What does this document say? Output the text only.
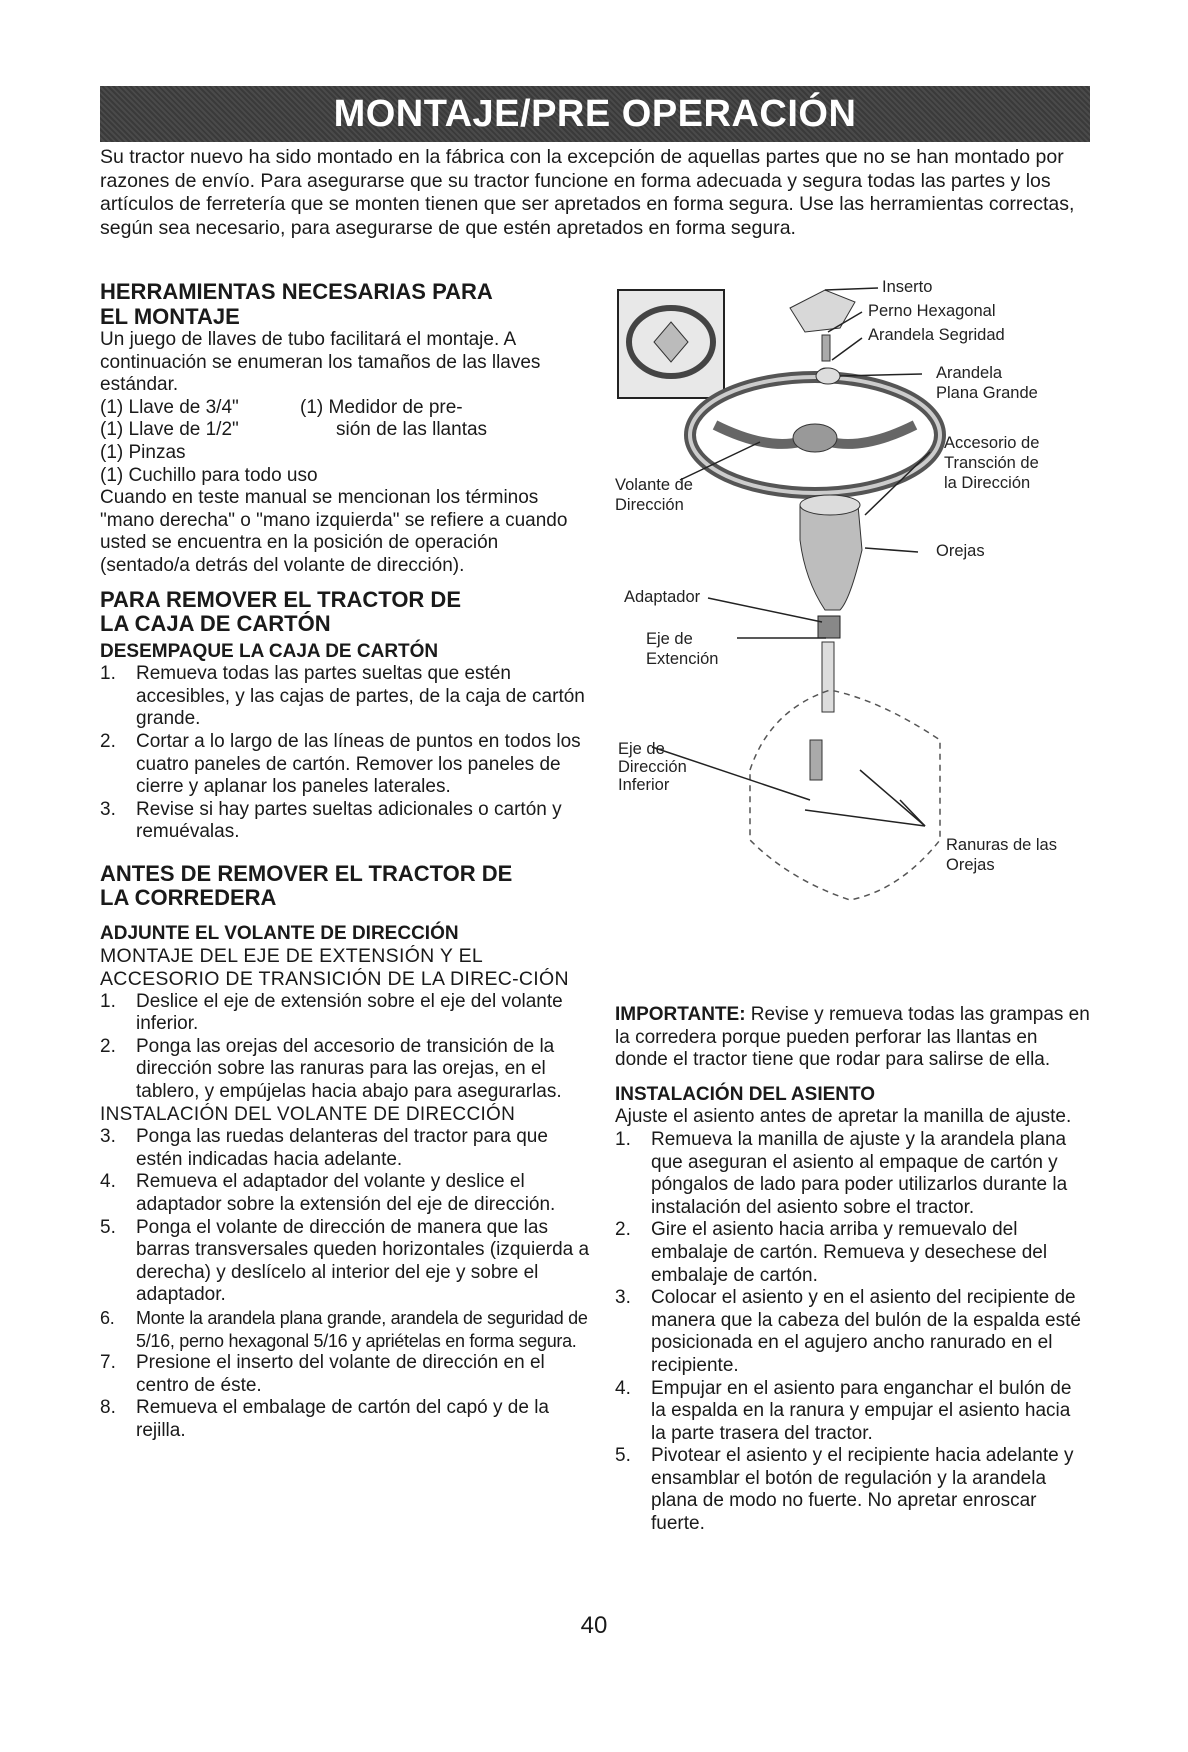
MONTAJE/PRE OPERACIÓN

Su tractor nuevo ha sido montado en la fábrica con la excepción de aquellas partes que no se han montado por razones de envío. Para asegurarse que su tractor funcione en forma adecuada y segura todas las partes y los artículos de ferretería que se monten tienen que ser apretados en forma segura. Use las herramientas correctas, según sea necesario, para asegurarse de que estén apretados en forma segura.

HERRAMIENTAS NECESARIAS PARA

EL MONTAJE

Un juego de llaves de tubo facilitará el montaje. A continuación se enumeran los tamaños de las llaves estándar.

(1) Llave de 3/4"	(1) Medidor de pre-
(1) Llave de 1/2"	sión de las llantas

(1) Pinzas

(1) Cuchillo para todo uso

Cuando en teste manual se mencionan los términos "mano derecha" o "mano izquierda" se refiere a cuando usted se encuentra en la posición de operación (sentado/a detrás del volante de dirección).

PARA REMOVER EL TRACTOR DE

LA CAJA DE CARTÓN

DESEMPAQUE LA CAJA DE CARTÓN

1. Remueva todas las partes sueltas que estén accesibles, y las cajas de partes, de la caja de cartón grande.
2. Cortar a lo largo de las líneas de puntos en todos los cuatro paneles de cartón. Remover los paneles de cierre y aplanar los paneles laterales.
3. Revise si hay partes sueltas adicionales o cartón y remuévalas.

ANTES DE REMOVER EL TRACTOR DE

LA CORREDERA

ADJUNTE EL VOLANTE DE DIRECCIÓN

MONTAJE DEL EJE DE EXTENSIÓN Y EL ACCESORIO DE TRANSICIÓN DE LA DIREC-CIÓN

1. Deslice el eje de extensión sobre el eje del volante inferior.
2. Ponga las orejas del accesorio de transición de la dirección sobre las ranuras para las orejas, en el tablero, y empújelas hacia abajo para asegurarlas.

INSTALACIÓN DEL VOLANTE DE DIRECCIÓN

3. Ponga las ruedas delanteras del tractor para que estén indicadas hacia adelante.
4. Remueva el adaptador del volante y deslice el adaptador sobre la extensión del eje de dirección.
5. Ponga el volante de dirección de manera que las barras transversales queden horizontales (izquierda a derecha) y deslícelo al interior del eje y sobre el adaptador.
6. Monte la arandela plana grande, arandela de seguridad de 5/16, perno hexagonal 5/16 y apriételas en forma segura.
7. Presione el inserto del volante de dirección en el centro de éste.
8. Remueva el embalage de cartón del capó y de la rejilla.
Inserto
Perno Hexagonal
Arandela Segridad
Arandela
Plana Grande
Accesorio de
Transción de
la Dirección
Volante de
Dirección
Orejas
Adaptador
Eje de
Extención
Eje de
Dirección
Inferior
Ranuras de las
Orejas

IMPORTANTE: Revise y remueva todas las grampas en la corredera porque pueden perforar las llantas en donde el tractor tiene que rodar para salirse de ella.

INSTALACIÓN DEL ASIENTO

Ajuste el asiento antes de apretar la manilla de ajuste.

1. Remueva la manilla de ajuste y la arandela plana que aseguran el asiento al empaque de cartón y póngalos de lado para poder utilizarlos durante la instalación del asiento sobre el tractor.
2. Gire el asiento hacia arriba y remuevalo del embalaje de cartón. Remueva y desechese del embalaje de cartón.
3. Colocar el asiento y en el asiento del recipiente de manera que la cabeza del bulón de la espalda esté posicionada en el agujero ancho ranurado en el recipiente.
4. Empujar en el asiento para enganchar el bulón de la espalda en la ranura y empujar el asiento hacia la parte trasera del tractor.
5. Pivotear el asiento y el recipiente hacia adelante y ensamblar el botón de regulación y la arandela plana de modo no fuerte. No apretar enroscar fuerte.
40
